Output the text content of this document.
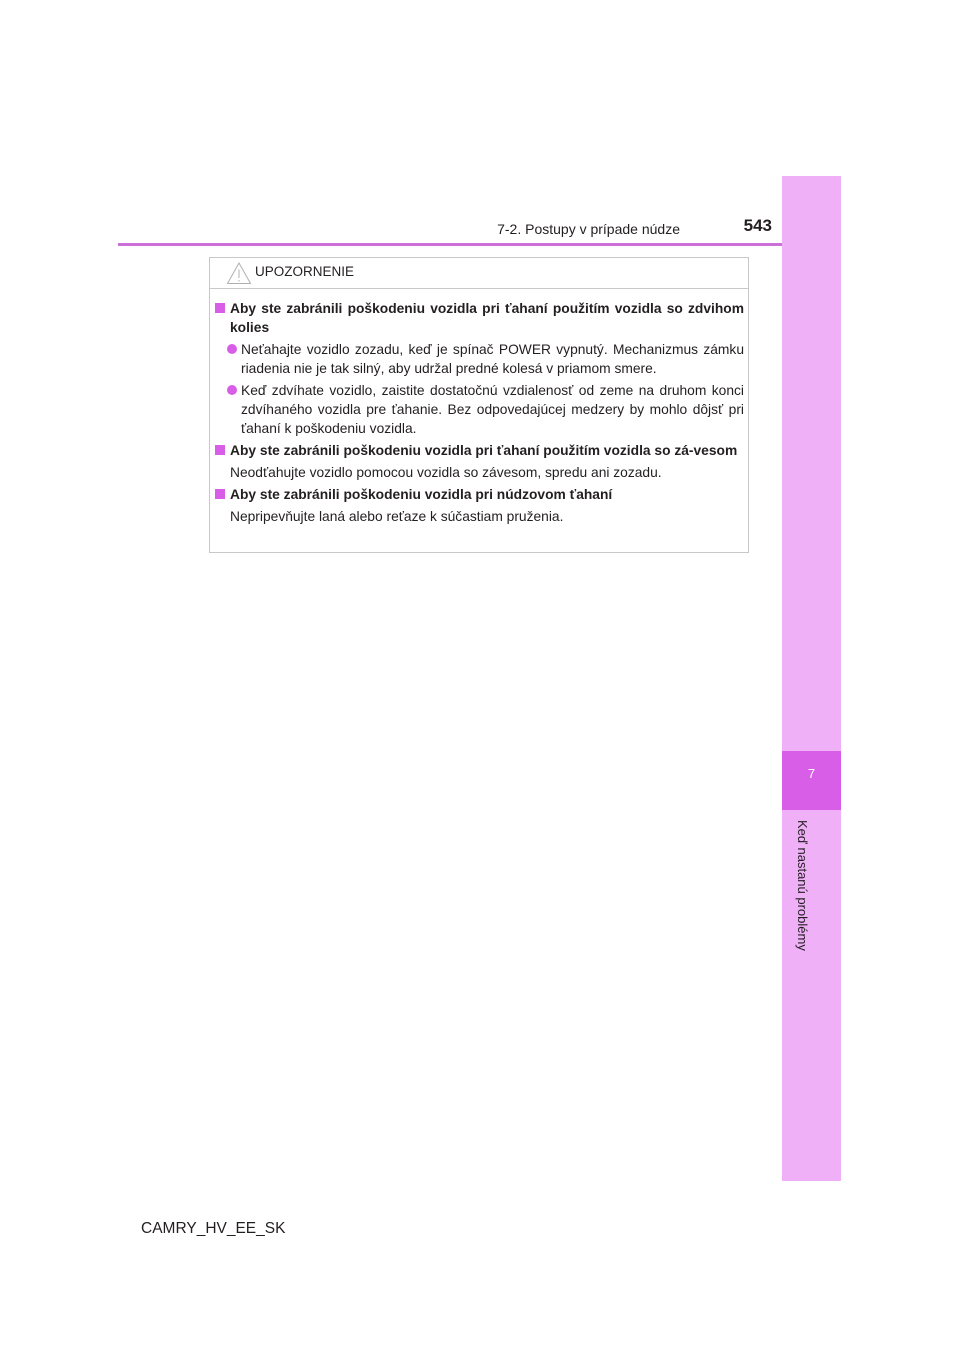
7-2. Postupy v prípade núdze	543
7
Keď nastanú problémy
UPOZORNENIE
Aby ste zabránili poškodeniu vozidla pri ťahaní použitím vozidla so zdvihom kolies
Neťahajte vozidlo zozadu, keď je spínač POWER vypnutý. Mechanizmus zámku riadenia nie je tak silný, aby udržal predné kolesá v priamom smere.
Keď zdvíhate vozidlo, zaistite dostatočnú vzdialenosť od zeme na druhom konci zdvíhaného vozidla pre ťahanie. Bez odpovedajúcej medzery by mohlo dôjsť pri ťahaní k poškodeniu vozidla.
Aby ste zabránili poškodeniu vozidla pri ťahaní použitím vozidla so zá-vesom
Neodťahujte vozidlo pomocou vozidla so závesom, spredu ani zozadu.
Aby ste zabránili poškodeniu vozidla pri núdzovom ťahaní
Nepripevňujte laná alebo reťaze k súčastiam pruženia.
CAMRY_HV_EE_SK
